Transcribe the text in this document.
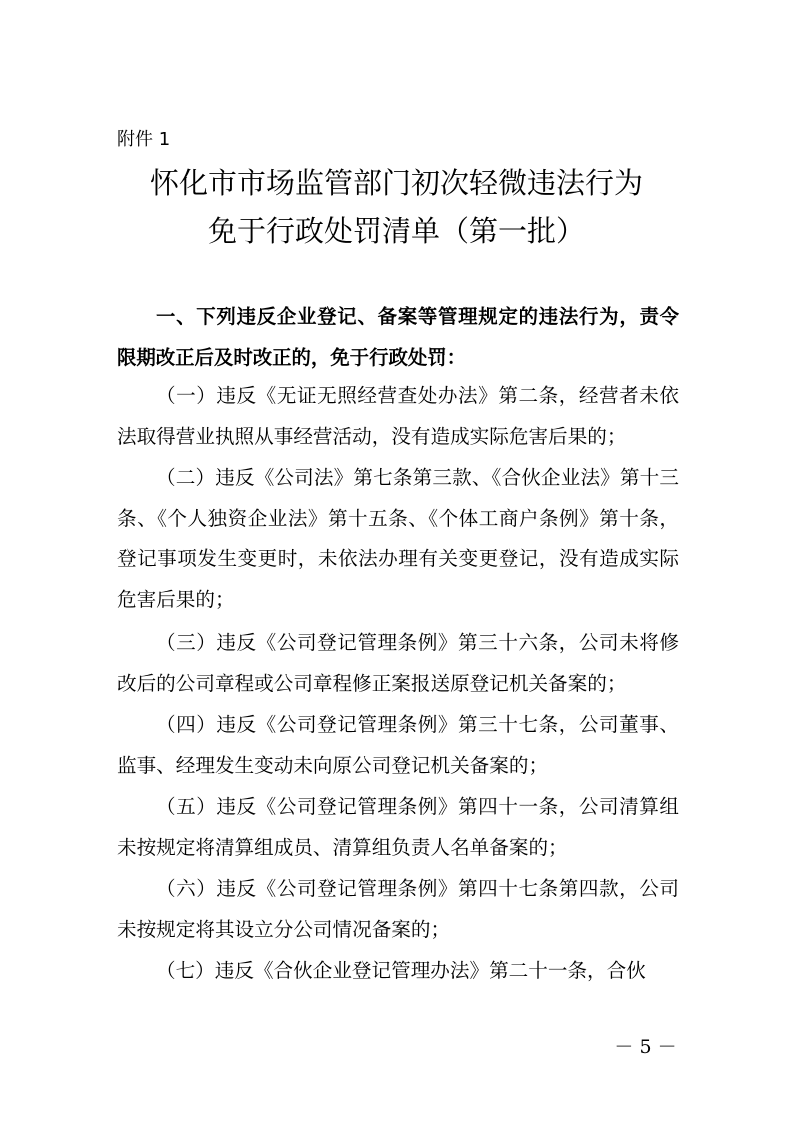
附件 1
怀化市市场监管部门初次轻微违法行为
免于行政处罚清单（第一批）
一、下列违反企业登记、备案等管理规定的违法行为，责令限期改正后及时改正的，免于行政处罚：
（一）违反《无证无照经营查处办法》第二条，经营者未依法取得营业执照从事经营活动，没有造成实际危害后果的；
（二）违反《公司法》第七条第三款、《合伙企业法》第十三条、《个人独资企业法》第十五条、《个体工商户条例》第十条，登记事项发生变更时，未依法办理有关变更登记，没有造成实际危害后果的；
（三）违反《公司登记管理条例》第三十六条，公司未将修改后的公司章程或公司章程修正案报送原登记机关备案的；
（四）违反《公司登记管理条例》第三十七条，公司董事、监事、经理发生变动未向原公司登记机关备案的；
（五）违反《公司登记管理条例》第四十一条，公司清算组未按规定将清算组成员、清算组负责人名单备案的；
（六）违反《公司登记管理条例》第四十七条第四款，公司未按规定将其设立分公司情况备案的；
（七）违反《合伙企业登记管理办法》第二十一条，合伙
－ 5 －
